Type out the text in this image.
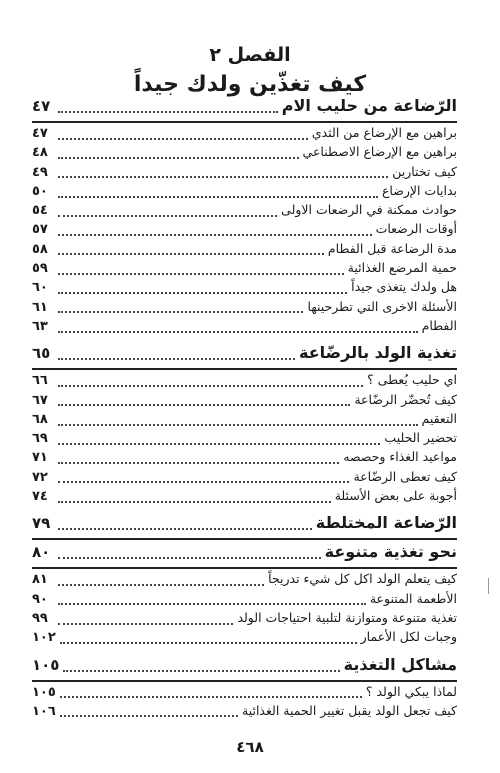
الفصل ٢
كيف تغذّين ولدك جيداً
الرّضاعة من حليب الام
٤٧
براهين مع الإرضاع من الثدي
٤٧
براهين مع الإرضاع الاصطناعي
٤٨
كيف تختارين
٤٩
بدايات الإرضاع
٥٠
حوادث ممكنة في الرضعات الاولى
٥٤
أوقات الرضعات
٥٧
مدة الرضاعة قبل الفطام
٥٨
حمية المرضع الغذائية
٥٩
هل ولدك يتغذى جيداً
٦٠
الأسئلة الاخرى التي تطرحينها
٦١
الفطام
٦٣
تغذية الولد بالرضّاعة
٦٥
اي حليب يُعطى ؟
٦٦
كيف تُحضّر الرضّاعة
٦٧
التعقيم
٦٨
تحضير الحليب
٦٩
مواعيد الغذاء وحصصه
٧١
كيف تعطى الرضّاعة
٧٢
أجوبة على بعض الأسئلة
٧٤
الرّضاعة المختلطة
٧٩
نحو تغذية متنوعة
٨٠
كيف يتعلم الولد اكل كل شيء تدريجاً
٨١
الأطعمة المتنوعة
٩٠
تغذية متنوعة ومتوازنة لتلبية احتياجات الولد
٩٩
وجبات لكل الأعمار
١٠٢
مشاكل التغذية
١٠٥
لماذا يبكي الولد ؟
١٠٥
كيف تجعل الولد يقبل تغيير الحمية الغذائية
١٠٦
٤٦٨
